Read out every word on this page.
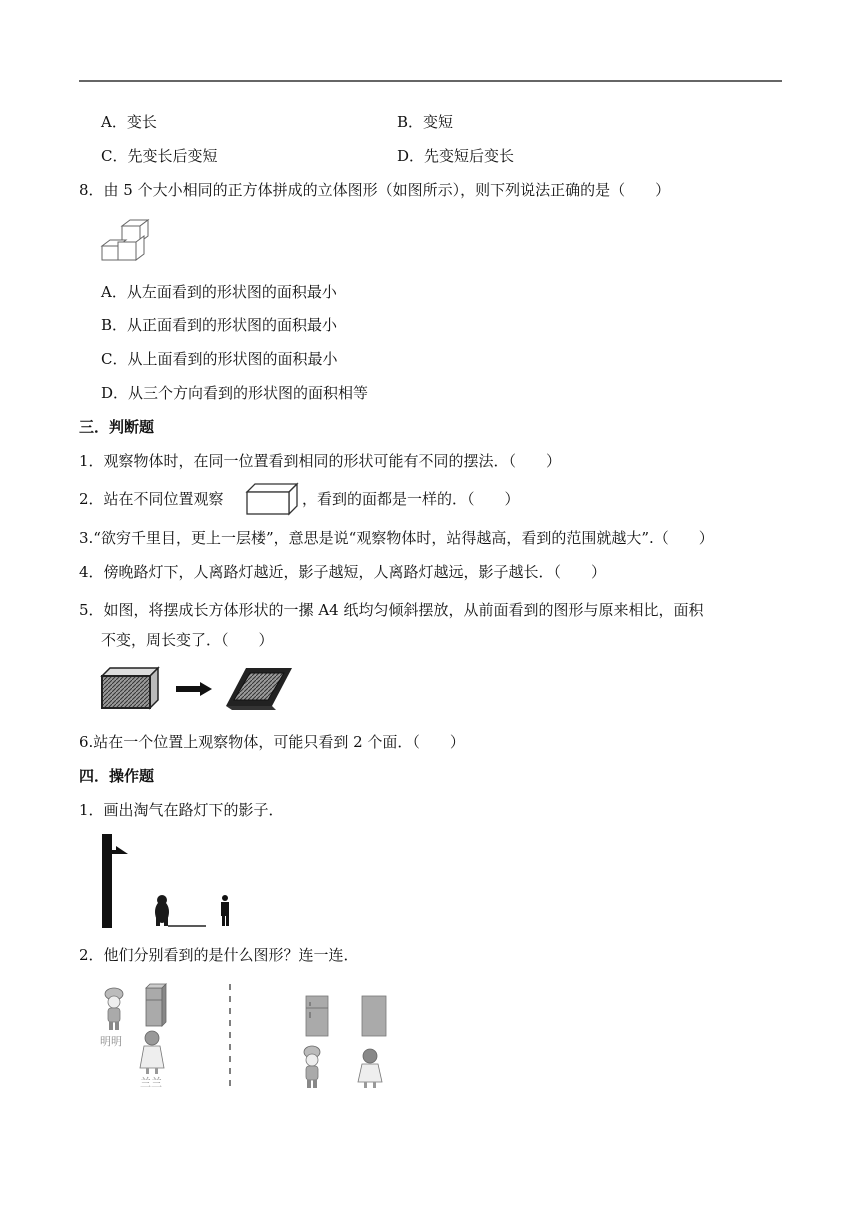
A．变长	B．变短
C．先变长后变短	D．先变短后变长
8．由 5 个大小相同的正方体拼成的立体图形（如图所示），则下列说法正确的是（　　）
A．从左面看到的形状图的面积最小
B．从正面看到的形状图的面积最小
C．从上面看到的形状图的面积最小
D．从三个方向看到的形状图的面积相等
三．判断题
1．观察物体时，在同一位置看到相同的形状可能有不同的摆法．（　　）
2．站在不同位置观察	，看到的面都是一样的．（　　）
3.“欲穷千里目，更上一层楼”，意思是说“观察物体时，站得越高，看到的范围就越大”.（　　）
4．傍晚路灯下，人离路灯越近，影子越短，人离路灯越远，影子越长．（　　）
5．如图，将摆成长方体形状的一摞 A4 纸均匀倾斜摆放，从前面看到的图形与原来相比，面积
不变，周长变了．（　　）
6.站在一个位置上观察物体，可能只看到 2 个面．（　　）
四．操作题
1．画出淘气在路灯下的影子．
2．他们分别看到的是什么图形？连一连．
明明
兰兰
